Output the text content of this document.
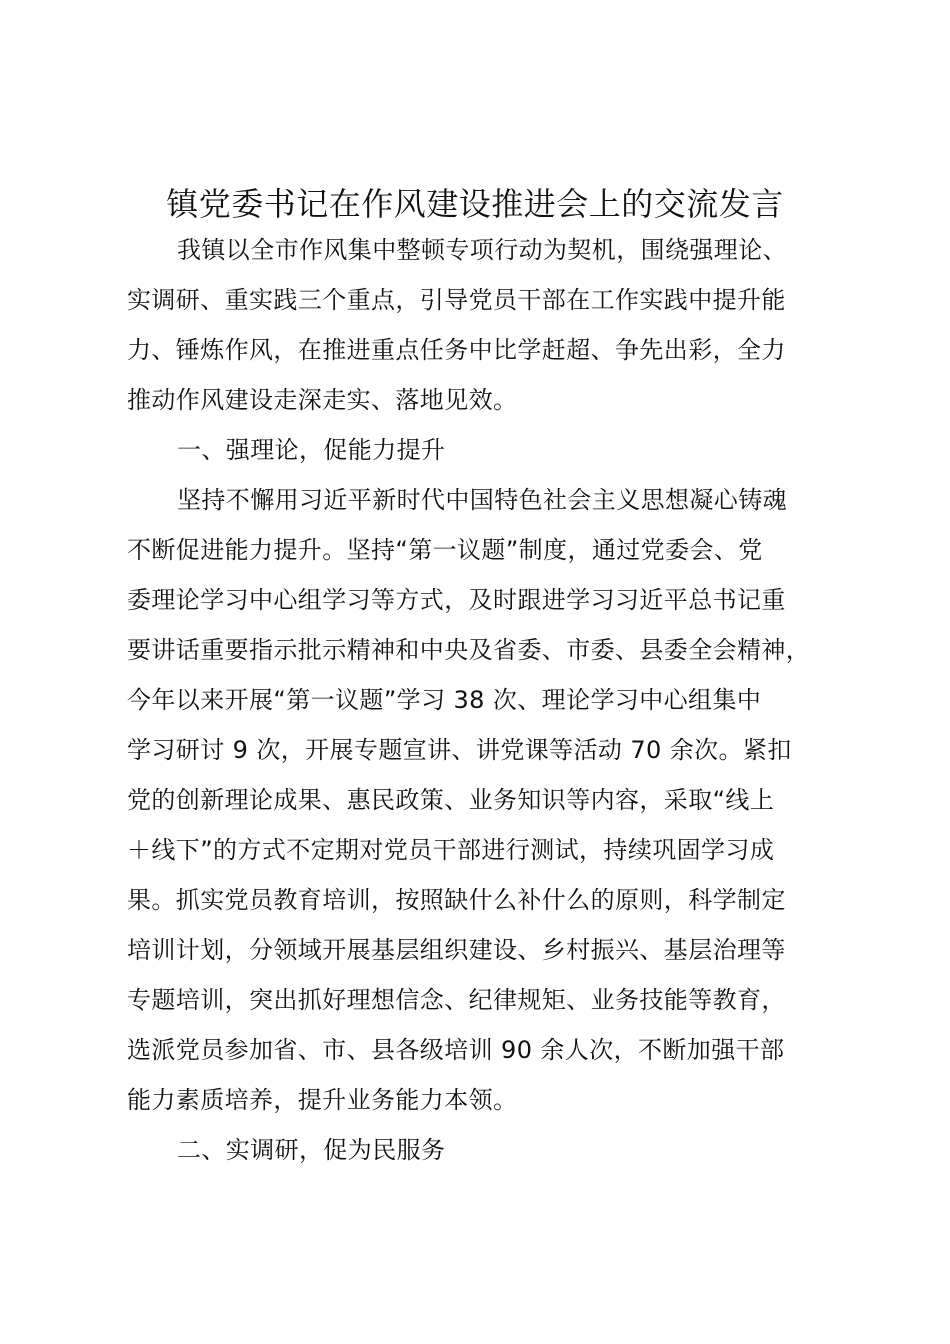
镇党委书记在作风建设推进会上的交流发言
我镇以全市作风集中整顿专项行动为契机，围绕强理论、
实调研、重实践三个重点，引导党员干部在工作实践中提升能
力、锤炼作风，在推进重点任务中比学赶超、争先出彩，全力
推动作风建设走深走实、落地见效。
一、强理论，促能力提升
坚持不懈用习近平新时代中国特色社会主义思想凝心铸魂
不断促进能力提升。坚持“第一议题”制度，通过党委会、党
委理论学习中心组学习等方式，及时跟进学习习近平总书记重
要讲话重要指示批示精神和中央及省委、市委、县委全会精神，
今年以来开展“第一议题”学习 38 次、理论学习中心组集中
学习研讨 9 次，开展专题宣讲、讲党课等活动 70 余次。紧扣
党的创新理论成果、惠民政策、业务知识等内容，采取“线上
＋线下”的方式不定期对党员干部进行测试，持续巩固学习成
果。抓实党员教育培训，按照缺什么补什么的原则，科学制定
培训计划，分领域开展基层组织建设、乡村振兴、基层治理等
专题培训，突出抓好理想信念、纪律规矩、业务技能等教育，
选派党员参加省、市、县各级培训 90 余人次，不断加强干部
能力素质培养，提升业务能力本领。
二、实调研，促为民服务
